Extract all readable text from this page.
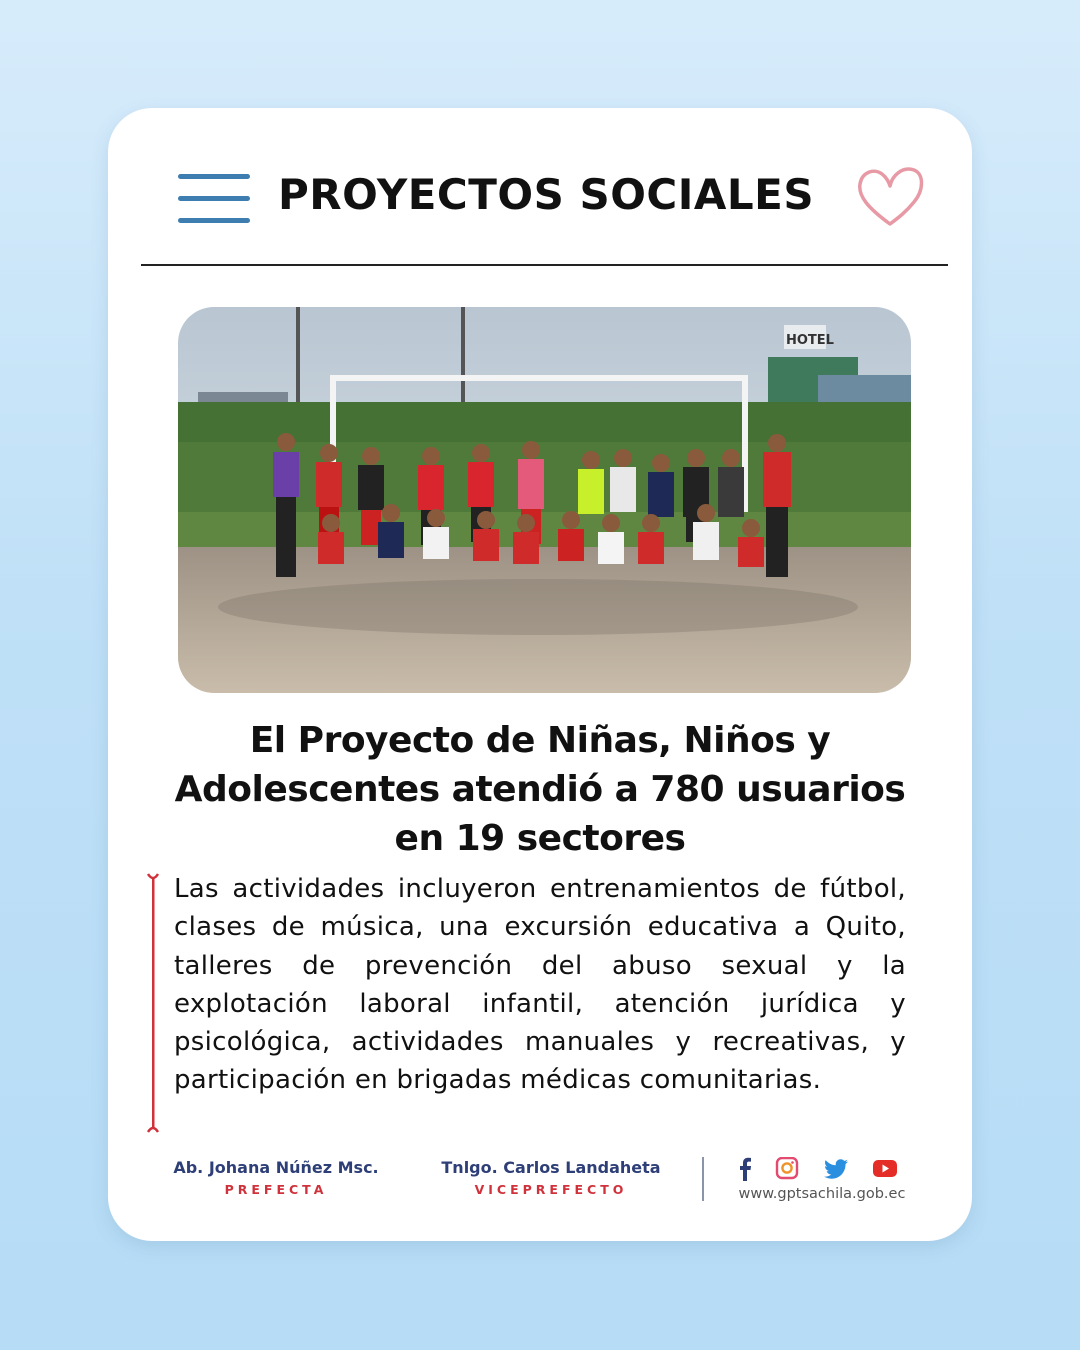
PROYECTOS SOCIALES
HOTEL
El Proyecto de Niñas, Niños y Adolescentes atendió a 780 usuarios en 19 sectores

Las actividades incluyeron entrenamientos de fútbol, clases de música, una excursión educativa a Quito, talleres de prevención del abuso sexual y la explotación laboral infantil, atención jurídica y psicológica, actividades manuales y recreativas, y participación en brigadas médicas comunitarias.

Ab. Johana Núñez Msc.
PREFECTA
Tnlgo. Carlos Landaheta
VICEPREFECTO	www.gptsachila.gob.ec
